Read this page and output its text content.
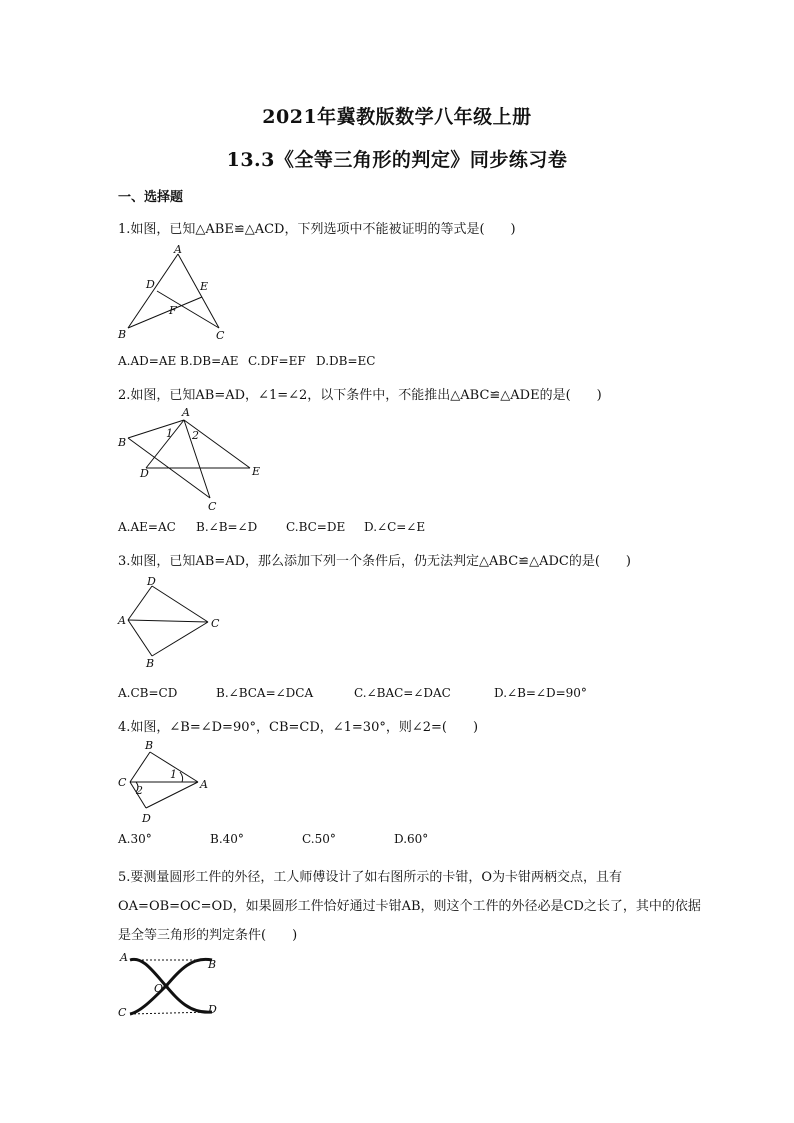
2021年冀教版数学八年级上册
13.3《全等三角形的判定》同步练习卷
一、选择题
1.如图，已知△ABE≌△ACD，下列选项中不能被证明的等式是(　　)
A
D	E
F
B	C
A.AD=AE B.DB=AE C.DF=EF D.DB=EC
2.如图，已知AB=AD，∠1=∠2，以下条件中，不能推出△ABC≌△ADE的是(　　)
A
B
1 2
D	E
C
A.AE=AC B.∠B=∠D C.BC=DE D.∠C=∠E
3.如图，已知AB=AD，那么添加下列一个条件后，仍无法判定△ABC≌△ADC的是(　　)
D
A	C
B
A.CB=CD	B.∠BCA=∠DCA	C.∠BAC=∠DAC	D.∠B=∠D=90°
4.如图，∠B=∠D=90°，CB=CD，∠1=30°，则∠2=(　　)
B
C
1
A
2
D
A.30°	B.40°	C.50°	D.60°
5.要测量圆形工件的外径，工人师傅设计了如右图所示的卡钳，O为卡钳两柄交点，且有
OA=OB=OC=OD，如果圆形工件恰好通过卡钳AB，则这个工件的外径必是CD之长了，其中的依据
是全等三角形的判定条件(　　)
A
B
O
C	D
